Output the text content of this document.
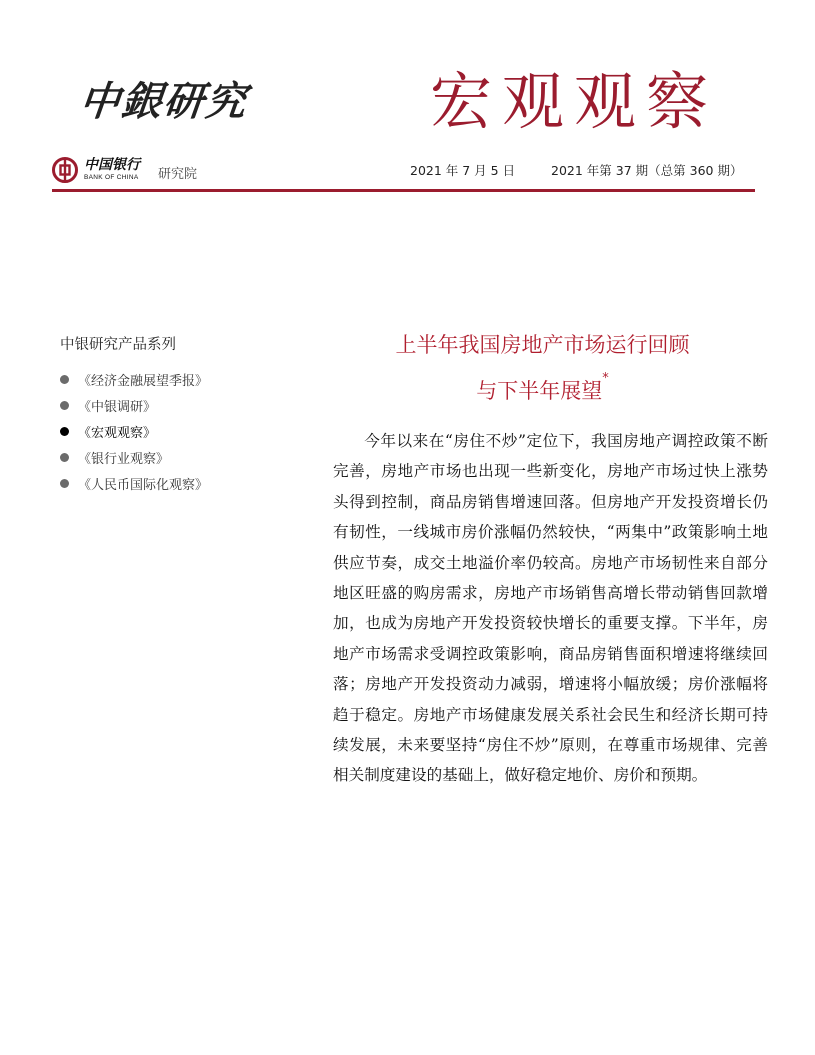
中銀研究	宏观观察
中国银行
BANK OF CHINA 研究院	2021 年 7 月 5 日	2021 年第 37 期（总第 360 期）
中银研究产品系列
《经济金融展望季报》
《中银调研》
《宏观观察》
《银行业观察》
《人民币国际化观察》
上半年我国房地产市场运行回顾
与下半年展望*

今年以来在“房住不炒”定位下，我国房地产调控政策不断完善，房地产市场也出现一些新变化，房地产市场过快上涨势头得到控制，商品房销售增速回落。但房地产开发投资增长仍有韧性，一线城市房价涨幅仍然较快，“两集中”政策影响土地供应节奏，成交土地溢价率仍较高。房地产市场韧性来自部分地区旺盛的购房需求，房地产市场销售高增长带动销售回款增加，也成为房地产开发投资较快增长的重要支撑。下半年，房地产市场需求受调控政策影响，商品房销售面积增速将继续回落；房地产开发投资动力减弱，增速将小幅放缓；房价涨幅将趋于稳定。房地产市场健康发展关系社会民生和经济长期可持续发展，未来要坚持“房住不炒”原则，在尊重市场规律、完善相关制度建设的基础上，做好稳定地价、房价和预期。
